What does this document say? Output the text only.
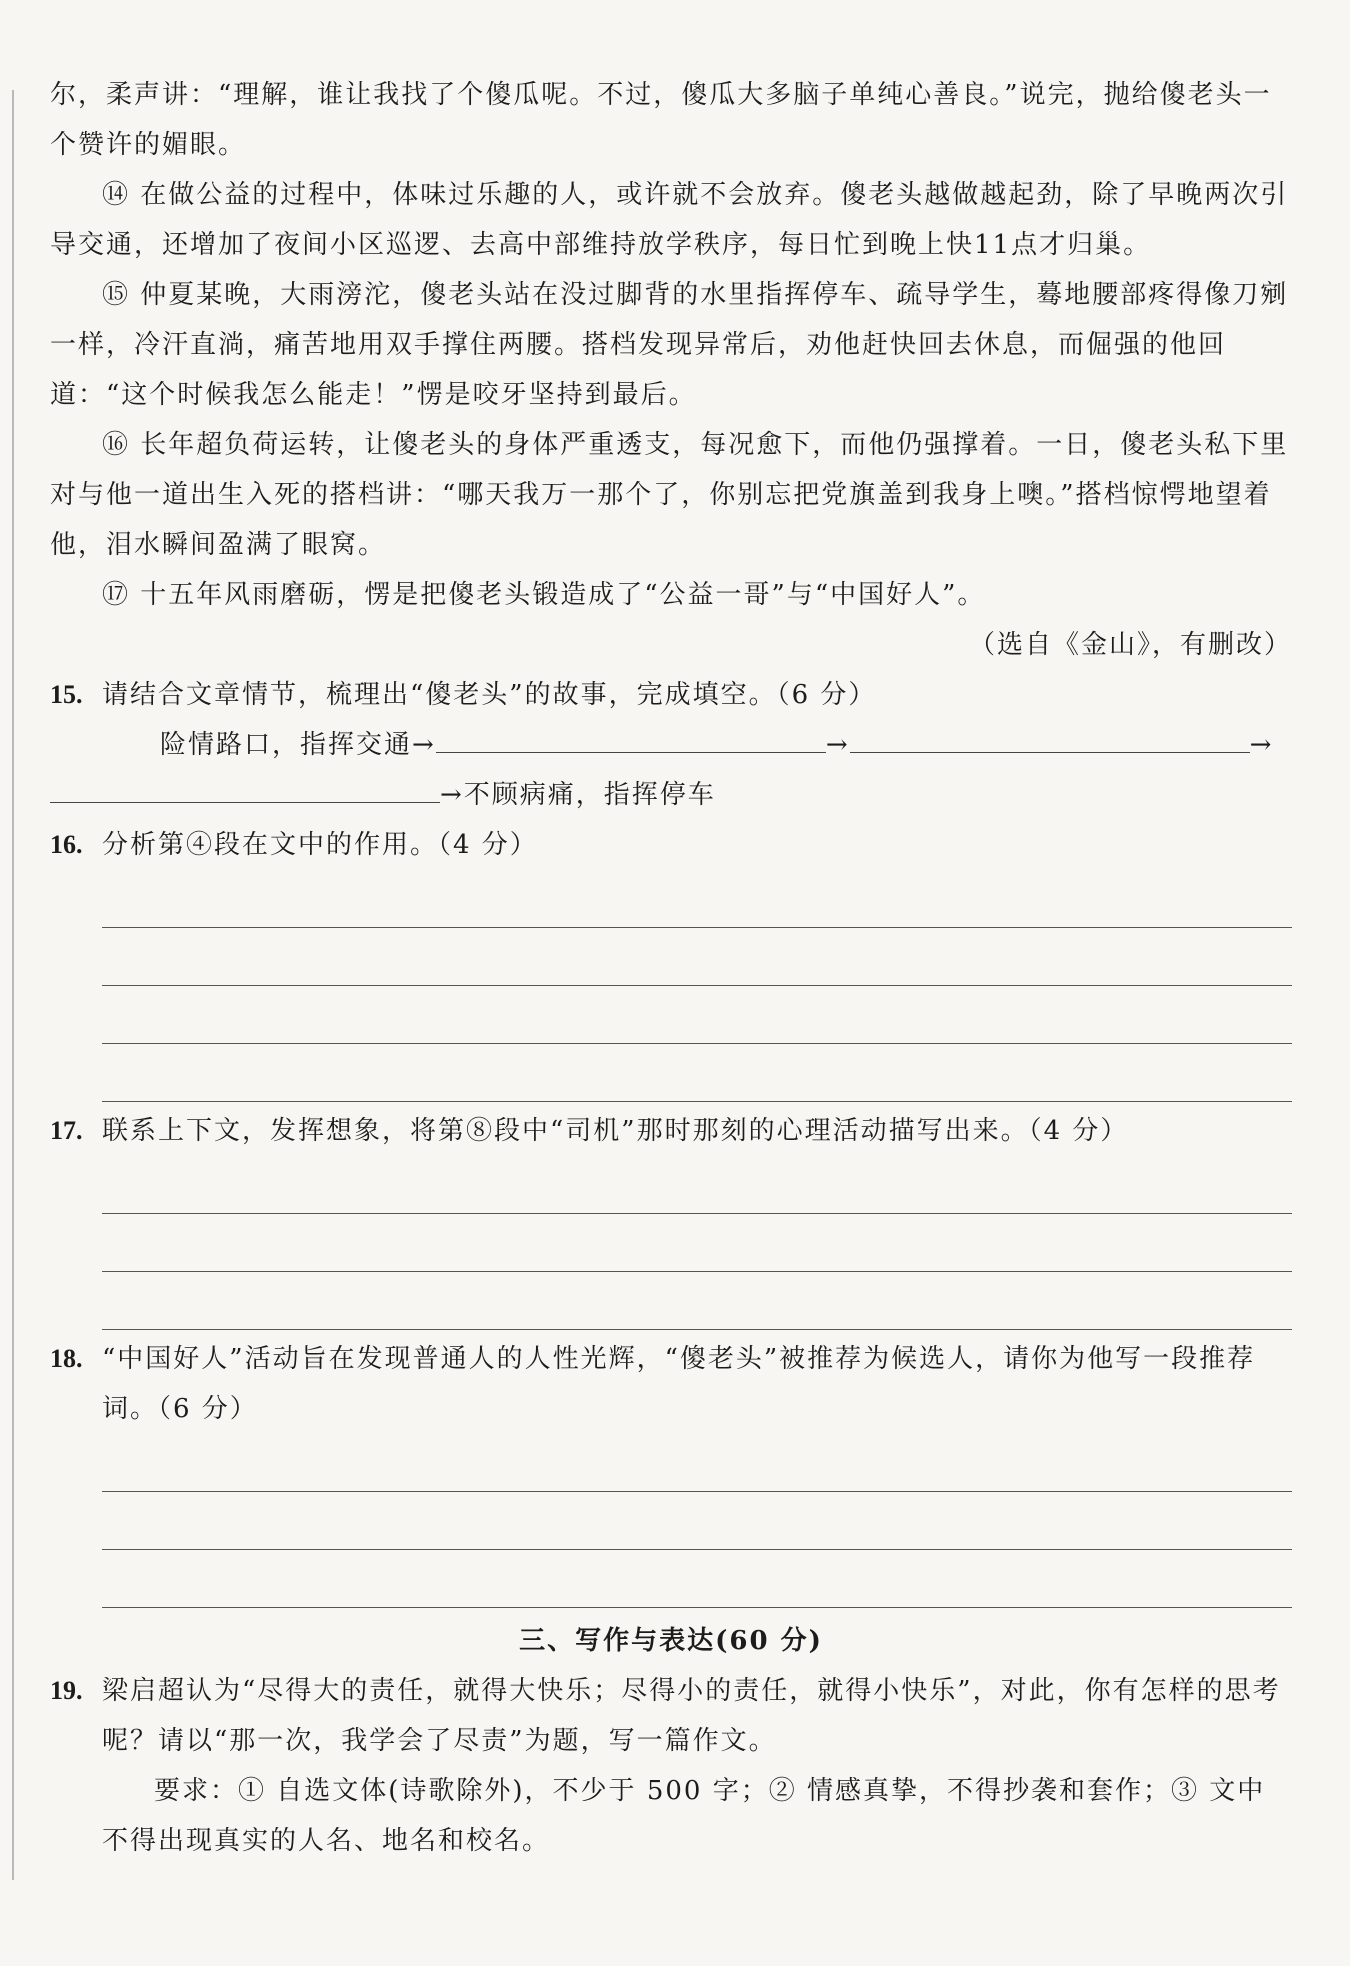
尔，柔声讲：“理解，谁让我找了个傻瓜呢。不过，傻瓜大多脑子单纯心善良。”说完，抛给傻老头一个赞许的媚眼。

⑭ 在做公益的过程中，体味过乐趣的人，或许就不会放弃。傻老头越做越起劲，除了早晚两次引导交通，还增加了夜间小区巡逻、去高中部维持放学秩序，每日忙到晚上快11点才归巢。

⑮ 仲夏某晚，大雨滂沱，傻老头站在没过脚背的水里指挥停车、疏导学生，蓦地腰部疼得像刀剜一样，冷汗直淌，痛苦地用双手撑住两腰。搭档发现异常后，劝他赶快回去休息，而倔强的他回道：“这个时候我怎么能走！”愣是咬牙坚持到最后。

⑯ 长年超负荷运转，让傻老头的身体严重透支，每况愈下，而他仍强撑着。一日，傻老头私下里对与他一道出生入死的搭档讲：“哪天我万一那个了，你别忘把党旗盖到我身上噢。”搭档惊愕地望着他，泪水瞬间盈满了眼窝。

⑰ 十五年风雨磨砺，愣是把傻老头锻造成了“公益一哥”与“中国好人”。

（选自《金山》，有删改）

15. 请结合文章情节，梳理出“傻老头”的故事，完成填空。（6 分）

险情路口，指挥交通→	→	→

→不顾病痛，指挥停车

16. 分析第④段在文中的作用。（4 分）
17. 联系上下文，发挥想象，将第⑧段中“司机”那时那刻的心理活动描写出来。（4 分）
18. “中国好人”活动旨在发现普通人的人性光辉，“傻老头”被推荐为候选人，请你为他写一段推荐词。（6 分）

三、写作与表达(60 分)

19. 梁启超认为“尽得大的责任，就得大快乐；尽得小的责任，就得小快乐”，对此，你有怎样的思考呢？请以“那一次，我学会了尽责”为题，写一篇作文。
要求：① 自选文体(诗歌除外)，不少于 500 字；② 情感真挚，不得抄袭和套作；③ 文中不得出现真实的人名、地名和校名。
